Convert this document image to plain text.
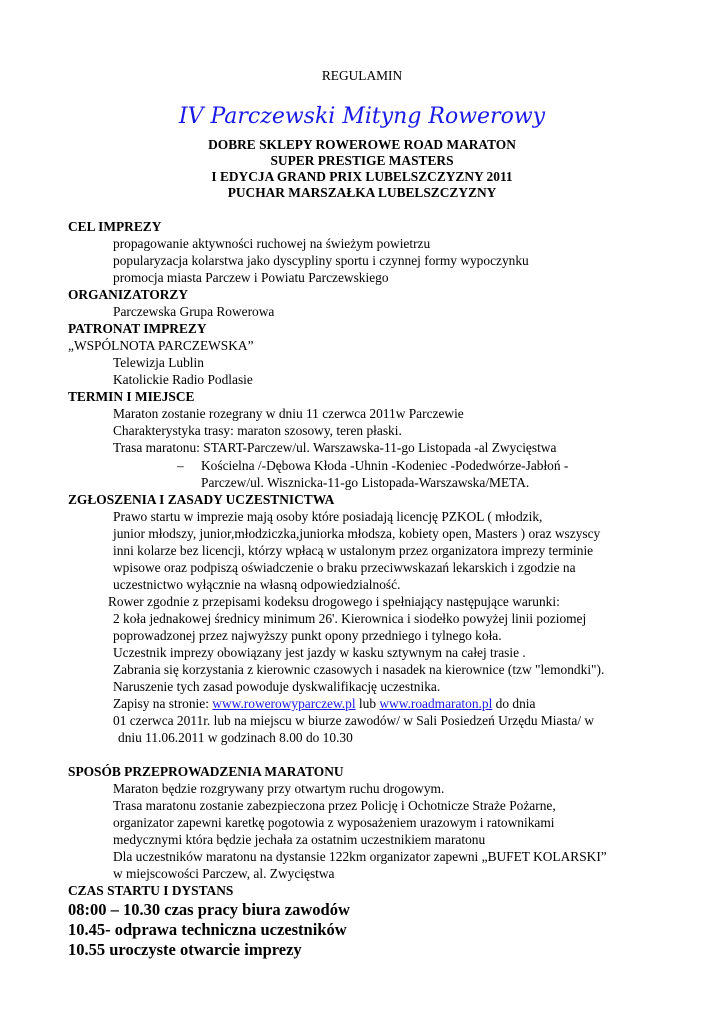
REGULAMIN
IV Parczewski Mityng Rowerowy
DOBRE SKLEPY ROWEROWE ROAD MARATON
SUPER PRESTIGE MASTERS
I EDYCJA GRAND PRIX LUBELSZCZYZNY 2011
PUCHAR MARSZAŁKA LUBELSZCZYZNY
CEL IMPREZY
propagowanie aktywności ruchowej na świeżym powietrzu
popularyzacja kolarstwa jako dyscypliny sportu i czynnej formy wypoczynku
promocja miasta Parczew i Powiatu Parczewskiego
ORGANIZATORZY
Parczewska Grupa Rowerowa
PATRONAT IMPREZY
„WSPÓLNOTA PARCZEWSKA”
Telewizja Lublin
Katolickie Radio Podlasie
TERMIN I MIEJSCE
Maraton zostanie rozegrany w dniu 11 czerwca 2011w Parczewie
Charakterystyka trasy: maraton szosowy, teren płaski.
Trasa maratonu: START-Parczew/ul. Warszawska-11-go Listopada -al Zwycięstwa
– Kościelna /-Dębowa Kłoda -Uhnin -Kodeniec -Podedwórze-Jabłoń -
Parczew/ul. Wisznicka-11-go Listopada-Warszawska/META.
ZGŁOSZENIA I ZASADY UCZESTNICTWA
Prawo startu w imprezie mają osoby które posiadają licencję PZKOL ( młodzik,
junior młodszy, junior,młodziczka,juniorka młodsza, kobiety open, Masters ) oraz wszyscy
inni kolarze bez licencji, którzy wpłacą w ustalonym przez organizatora imprezy terminie
wpisowe oraz podpiszą oświadczenie o braku przeciwwskazań lekarskich i zgodzie na
uczestnictwo wyłącznie na własną odpowiedzialność.
Rower zgodnie z przepisami kodeksu drogowego i spełniający następujące warunki:
2 koła jednakowej średnicy minimum 26'. Kierownica i siodełko powyżej linii poziomej
poprowadzonej przez najwyższy punkt opony przedniego i tylnego koła.
Uczestnik imprezy obowiązany jest jazdy w kasku sztywnym na całej trasie .
Zabrania się korzystania z kierownic czasowych i nasadek na kierownice (tzw "lemondki").
Naruszenie tych zasad powoduje dyskwalifikację uczestnika.
Zapisy na stronie: www.rowerowyparczew.pl lub www.roadmaraton.pl do dnia
01 czerwca 2011r. lub na miejscu w biurze zawodów/ w Sali Posiedzeń Urzędu Miasta/ w
dniu 11.06.2011 w godzinach 8.00 do 10.30
SPOSÓB PRZEPROWADZENIA MARATONU
Maraton będzie rozgrywany przy otwartym ruchu drogowym.
Trasa maratonu zostanie zabezpieczona przez Policję i Ochotnicze Straże Pożarne,
organizator zapewni karetkę pogotowia z wyposażeniem urazowym i ratownikami
medycznymi która będzie jechała za ostatnim uczestnikiem maratonu
Dla uczestników maratonu na dystansie 122km organizator zapewni „BUFET KOLARSKI”
w miejscowości Parczew, al. Zwycięstwa
CZAS STARTU I DYSTANS
08:00 – 10.30 czas pracy biura zawodów
10.45- odprawa techniczna uczestników
10.55 uroczyste otwarcie imprezy
